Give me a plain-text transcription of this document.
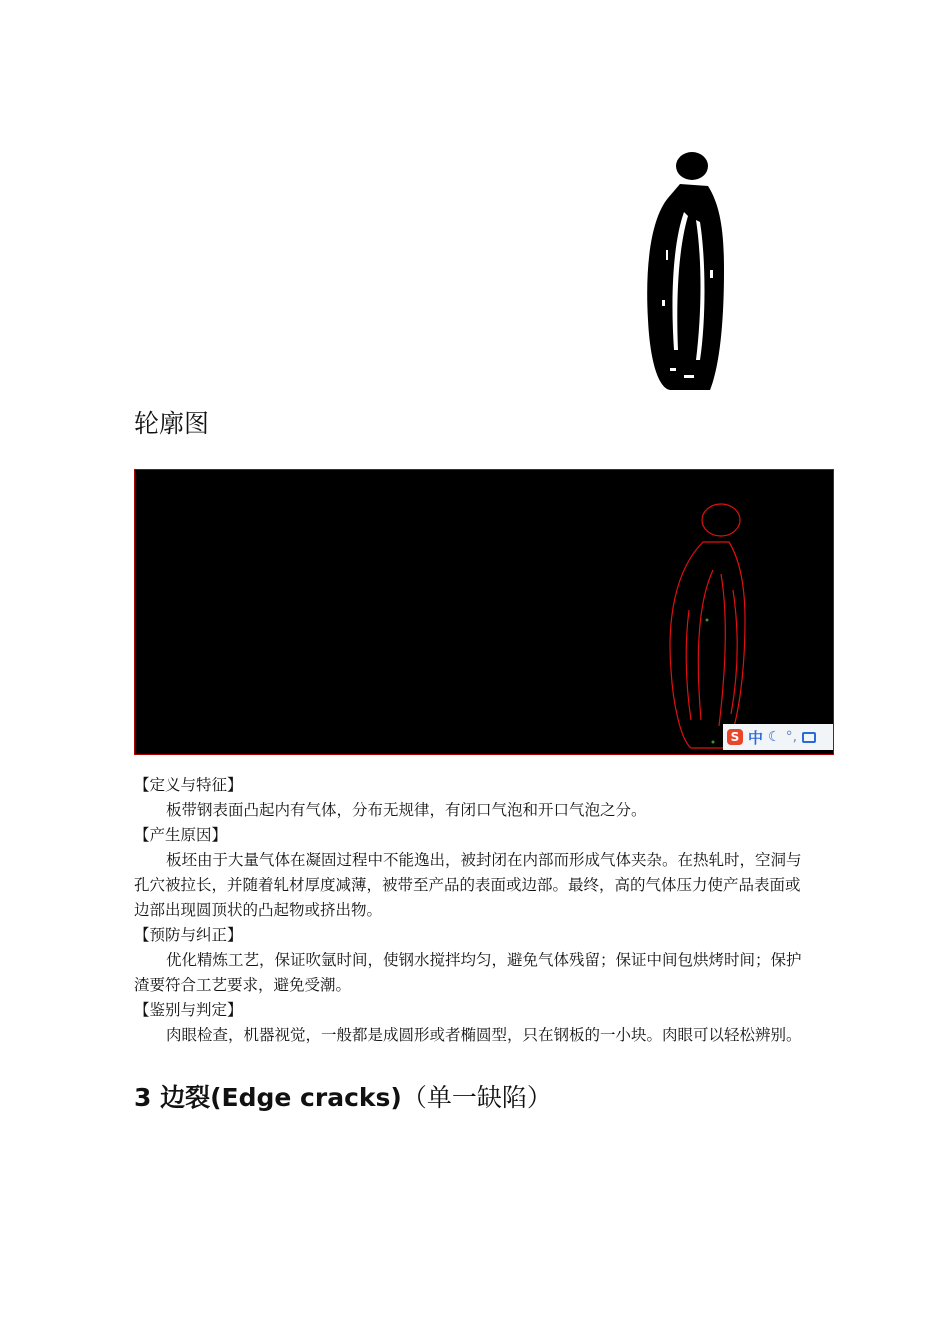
轮廓图
S 中 ☾ °,

【定义与特征】

板带钢表面凸起内有气体，分布无规律，有闭口气泡和开口气泡之分。

【产生原因】

板坯由于大量气体在凝固过程中不能逸出，被封闭在内部而形成气体夹杂。在热轧时，空洞与孔穴被拉长，并随着轧材厚度减薄，被带至产品的表面或边部。最终，高的气体压力使产品表面或边部出现圆顶状的凸起物或挤出物。

【预防与纠正】

优化精炼工艺，保证吹氩时间，使钢水搅拌均匀，避免气体残留；保证中间包烘烤时间；保护渣要符合工艺要求，避免受潮。

【鉴别与判定】

肉眼检查，机器视觉，一般都是成圆形或者椭圆型，只在钢板的一小块。肉眼可以轻松辨别。

3 边裂(Edge cracks)（单一缺陷）
